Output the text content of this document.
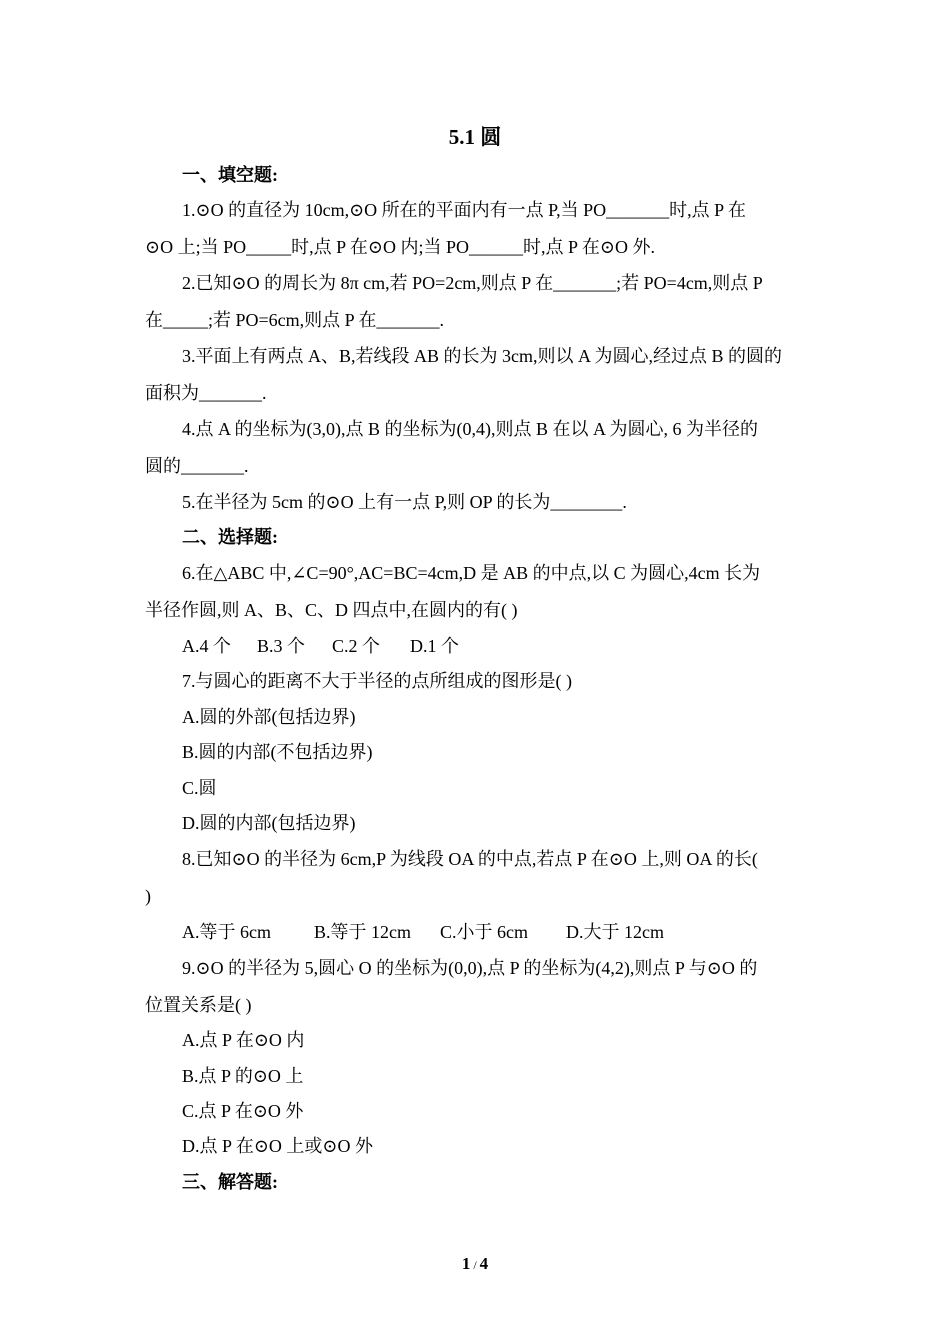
5.1 圆
一、填空题:
1.⊙O 的直径为 10cm,⊙O 所在的平面内有一点 P,当 PO_______时,点 P 在
⊙O 上;当 PO_____时,点 P 在⊙O 内;当 PO______时,点 P 在⊙O 外.
2.已知⊙O 的周长为 8π cm,若 PO=2cm,则点 P 在_______;若 PO=4cm,则点 P
在_____;若 PO=6cm,则点 P 在_______.
3.平面上有两点 A、B,若线段 AB 的长为 3cm,则以 A 为圆心,经过点 B 的圆的
面积为_______.
4.点 A 的坐标为(3,0),点 B 的坐标为(0,4),则点 B 在以 A 为圆心, 6 为半径的
圆的_______.
5.在半径为 5cm 的⊙O 上有一点 P,则 OP 的长为________.
二、选择题:
6.在△ABC 中,∠C=90°,AC=BC=4cm,D 是 AB 的中点,以 C 为圆心,4cm 长为
半径作圆,则 A、B、C、D 四点中,在圆内的有( )
A.4 个 B.3 个 C.2 个 D.1 个
7.与圆心的距离不大于半径的点所组成的图形是( )
A.圆的外部(包括边界)
B.圆的内部(不包括边界)
C.圆
D.圆的内部(包括边界)
8.已知⊙O 的半径为 6cm,P 为线段 OA 的中点,若点 P 在⊙O 上,则 OA 的长(
)
A.等于 6cm B.等于 12cm C.小于 6cm D.大于 12cm
9.⊙O 的半径为 5,圆心 O 的坐标为(0,0),点 P 的坐标为(4,2),则点 P 与⊙O 的
位置关系是( )
A.点 P 在⊙O 内
B.点 P 的⊙O 上
C.点 P 在⊙O 外
D.点 P 在⊙O 上或⊙O 外
三、解答题:
1 / 4
